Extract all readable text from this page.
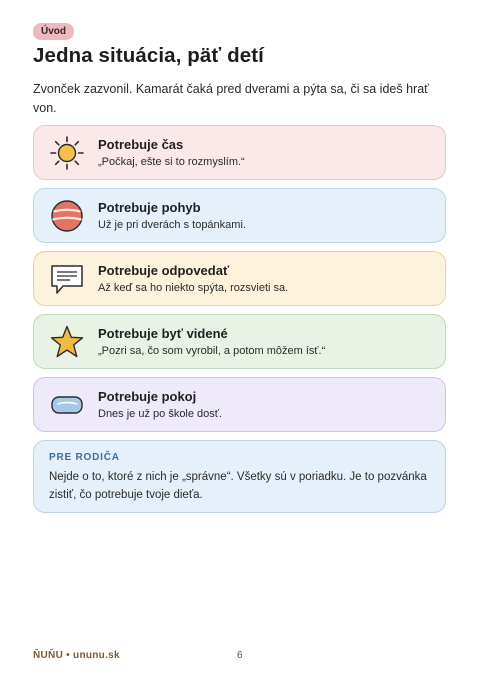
Úvod
Jedna situácia, päť detí

Zvonček zazvonil. Kamarát čaká pred dverami a pýta sa, či sa ideš hrať von.

Potrebuje čas
„Počkaj, ešte si to rozmyslím.“
Potrebuje pohyb
Už je pri dverách s topánkami.
Potrebuje odpovedať
Až keď sa ho niekto spýta, rozsvieti sa.
Potrebuje byť videné
„Pozri sa, čo som vyrobil, a potom môžem ísť.“
Potrebuje pokoj
Dnes je už po škole dosť.
PRE RODIČA
Nejde o to, ktoré z nich je „správne“. Všetky sú v poriadku. Je to pozvánka zistiť, čo potrebuje tvoje dieťa.
ŇUŇU • ununu.sk	6
